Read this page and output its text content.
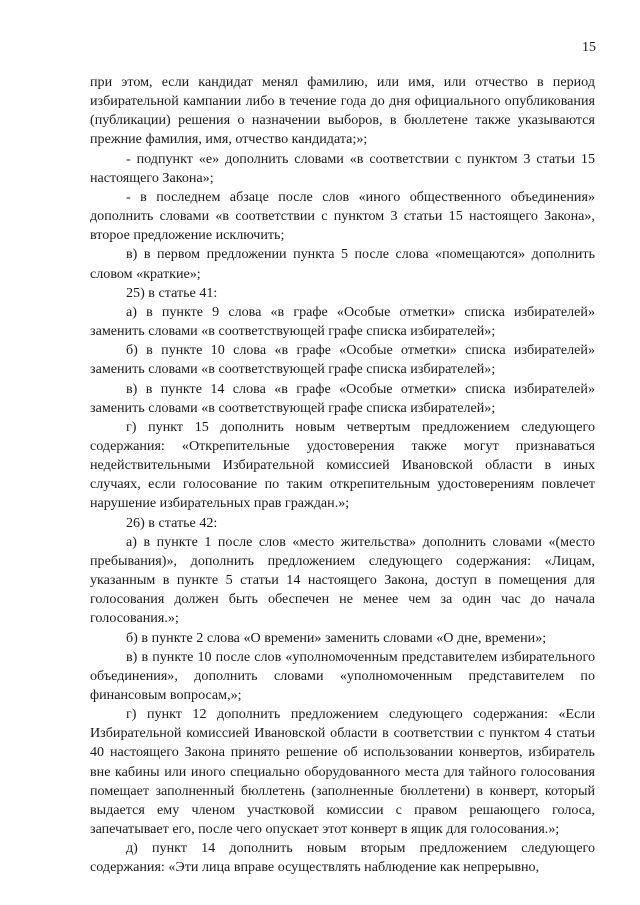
15

при этом, если кандидат менял фамилию, или имя, или отчество в период избирательной кампании либо в течение года до дня официального опубликования (публикации) решения о назначении выборов, в бюллетене также указываются прежние фамилия, имя, отчество кандидата;»;

- подпункт «е» дополнить словами «в соответствии с пунктом 3 статьи 15 настоящего Закона»;

- в последнем абзаце после слов «иного общественного объединения» дополнить словами «в соответствии с пунктом 3 статьи 15 настоящего Закона», второе предложение исключить;

в) в первом предложении пункта 5 после слова «помещаются» дополнить словом «краткие»;

25) в статье 41:

а) в пункте 9 слова «в графе «Особые отметки» списка избирателей» заменить словами «в соответствующей графе списка избирателей»;

б) в пункте 10 слова «в графе «Особые отметки» списка избирателей» заменить словами «в соответствующей графе списка избирателей»;

в) в пункте 14 слова «в графе «Особые отметки» списка избирателей» заменить словами «в соответствующей графе списка избирателей»;

г) пункт 15 дополнить новым четвертым предложением следующего содержания: «Открепительные удостоверения также могут признаваться недействительными Избирательной комиссией Ивановской области в иных случаях, если голосование по таким открепительным удостоверениям повлечет нарушение избирательных прав граждан.»;

26) в статье 42:

а) в пункте 1 после слов «место жительства» дополнить словами «(место пребывания)», дополнить предложением следующего содержания: «Лицам, указанным в пункте 5 статьи 14 настоящего Закона, доступ в помещения для голосования должен быть обеспечен не менее чем за один час до начала голосования.»;

б) в пункте 2 слова «О времени» заменить словами «О дне, времени»;

в) в пункте 10 после слов «уполномоченным представителем избирательного объединения», дополнить словами «уполномоченным представителем по финансовым вопросам,»;

г) пункт 12 дополнить предложением следующего содержания: «Если Избирательной комиссией Ивановской области в соответствии с пунктом 4 статьи 40 настоящего Закона принято решение об использовании конвертов, избиратель вне кабины или иного специально оборудованного места для тайного голосования помещает заполненный бюллетень (заполненные бюллетени) в конверт, который выдается ему членом участковой комиссии с правом решающего голоса, запечатывает его, после чего опускает этот конверт в ящик для голосования.»;

д) пункт 14 дополнить новым вторым предложением следующего содержания: «Эти лица вправе осуществлять наблюдение как непрерывно,
